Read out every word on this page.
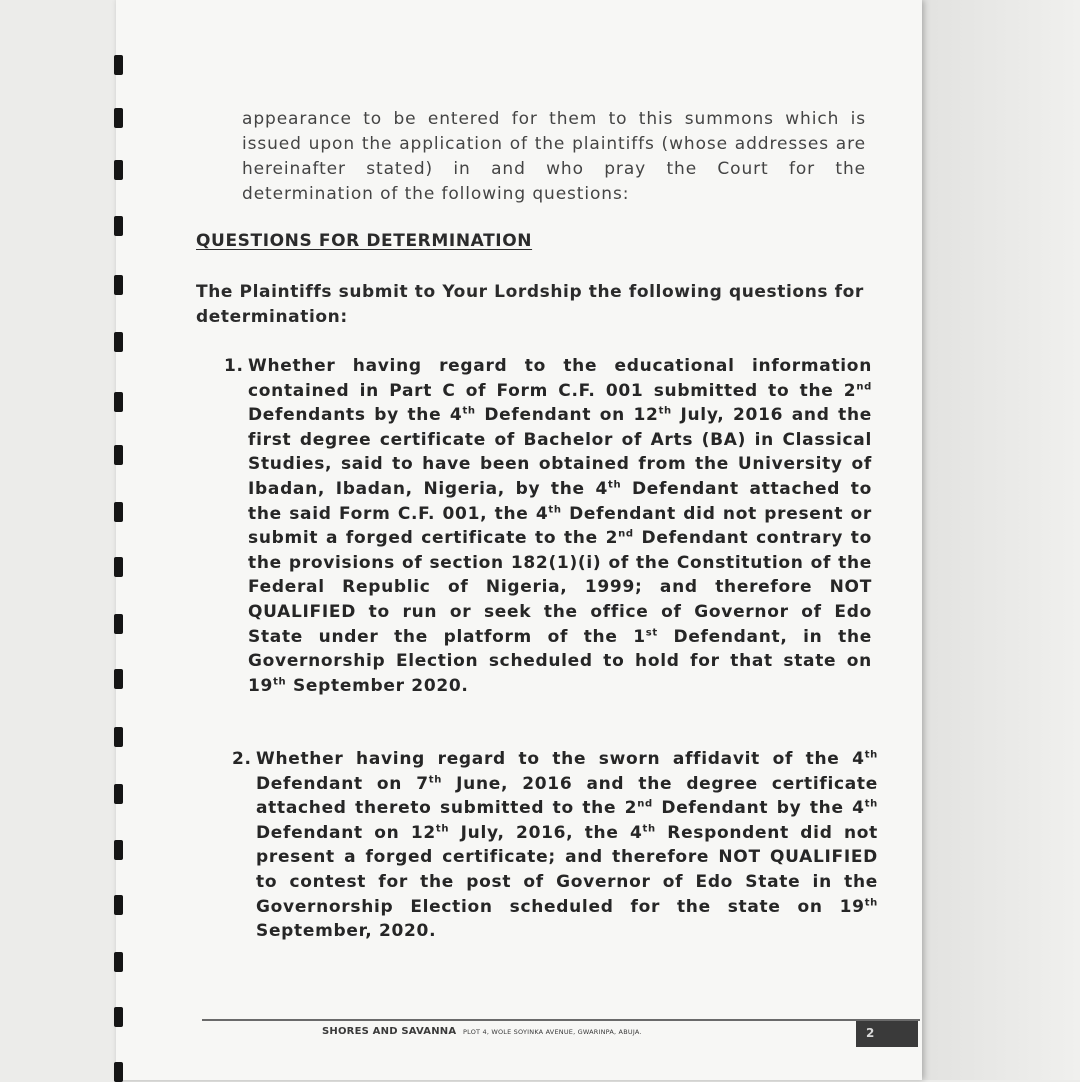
appearance to be entered for them to this summons which is issued upon the application of the plaintiffs (whose addresses are hereinafter stated) in and who pray the Court for the determination of the following questions:
QUESTIONS FOR DETERMINATION
The Plaintiffs submit to Your Lordship the following questions for determination:
1. Whether having regard to the educational information contained in Part C of Form C.F. 001 submitted to the 2nd Defendants by the 4th Defendant on 12th July, 2016 and the first degree certificate of Bachelor of Arts (BA) in Classical Studies, said to have been obtained from the University of Ibadan, Ibadan, Nigeria, by the 4th Defendant attached to the said Form C.F. 001, the 4th Defendant did not present or submit a forged certificate to the 2nd Defendant contrary to the provisions of section 182(1)(i) of the Constitution of the Federal Republic of Nigeria, 1999; and therefore NOT QUALIFIED to run or seek the office of Governor of Edo State under the platform of the 1st Defendant, in the Governorship Election scheduled to hold for that state on 19th September 2020.
2. Whether having regard to the sworn affidavit of the 4th Defendant on 7th June, 2016 and the degree certificate attached thereto submitted to the 2nd Defendant by the 4th Defendant on 12th July, 2016, the 4th Respondent did not present a forged certificate; and therefore NOT QUALIFIED to contest for the post of Governor of Edo State in the Governorship Election scheduled for the state on 19th September, 2020.
SHORES AND SAVANNA PLOT 4, WOLE SOYINKA AVENUE, GWARINPA, ABUJA.	2
